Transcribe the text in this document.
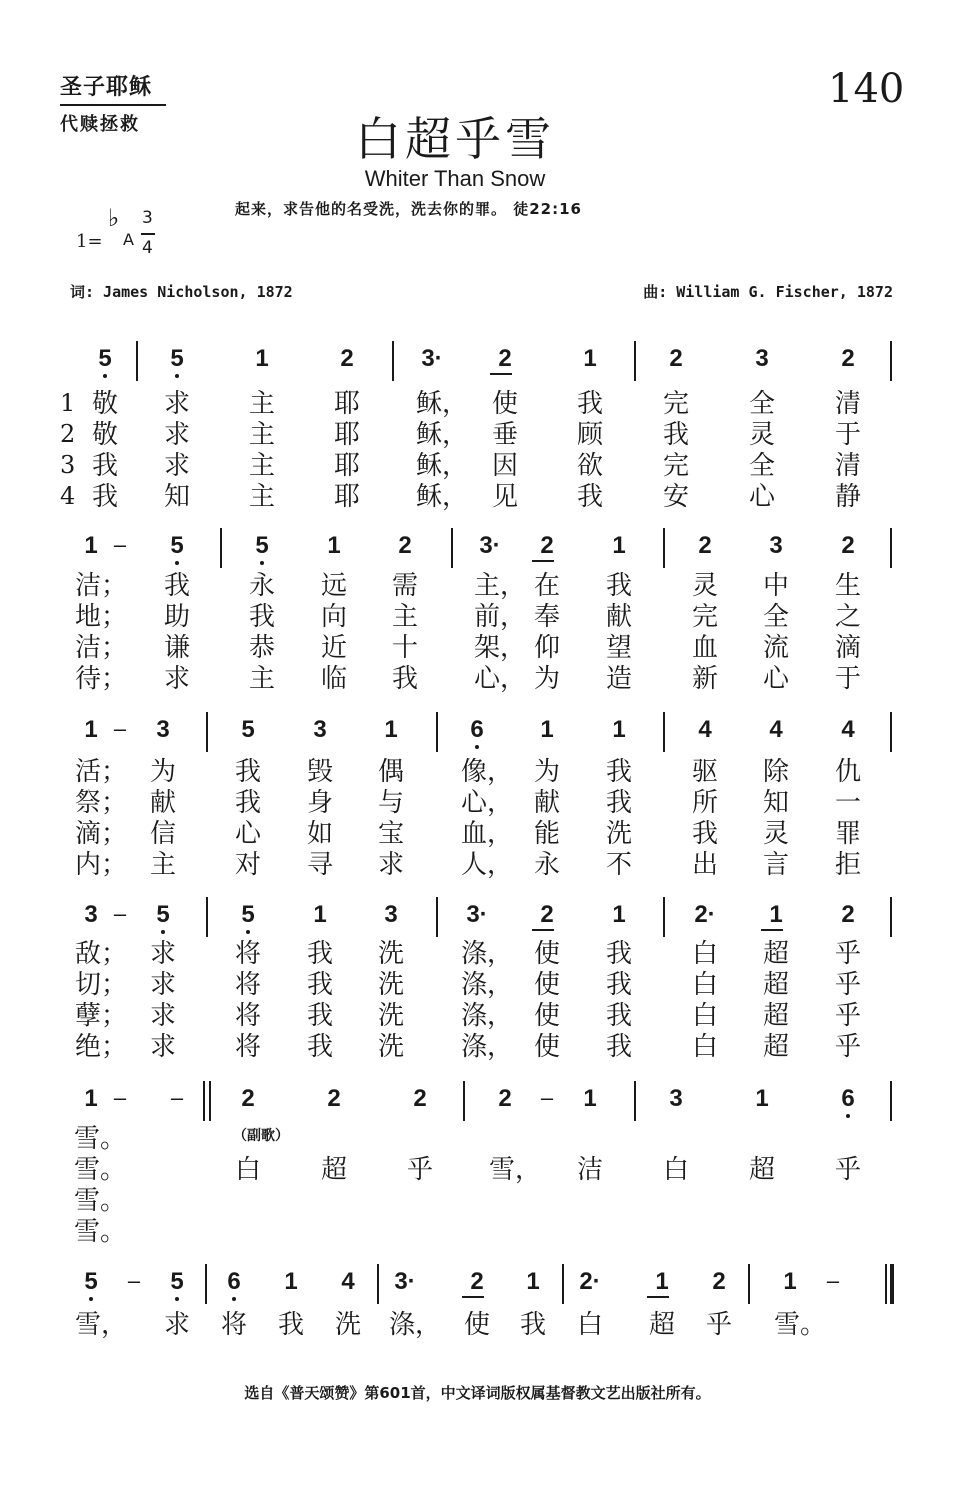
圣子耶稣
代赎拯救
140
白超乎雪
Whiter Than Snow
起来，求告他的名受洗，洗去你的罪。 徒22:16
1=
♭
A
3
4
词: James Nicholson, 1872	曲: William G. Fischer, 1872
5 5	1	2	3· 2	1	2	3	2
1
2
3
4
敬 求 主 耶 稣， 使 我 完 全 清
敬 求 主 耶 稣， 垂 顾 我 灵 于
我 求 主 耶 稣， 因 欲 完 全 清
我 知 主 耶 稣， 见 我 安 心 静
1 – 5	5 1 2	3· 2 1	2 3 2
洁； 我 永 远 需 主， 在 我 灵 中 生
地； 助 我 向 主 前， 奉 献 完 全 之
洁； 谦 恭 近 十 架， 仰 望 血 流 滴
待； 求 主 临 我 心， 为 造 新 心 于
1 – 3	5 3 1	6 1 1	4 4 4
活； 为 我 毁 偶 像， 为 我 驱 除 仇
祭； 献 我 身 与 心， 献 我 所 知 一
滴； 信 心 如 宝 血， 能 洗 我 灵 罪
内； 主 对 寻 求 人， 永 不 出 言 拒
3 – 5	5 1 3	3· 2 1	2· 1 2
敌； 求 将 我 洗 涤， 使 我 白 超 乎
切； 求 将 我 洗 涤， 使 我 白 超 乎
孽； 求 将 我 洗 涤， 使 我 白 超 乎
绝； 求 将 我 洗 涤， 使 我 白 超 乎
1 – – 2	2	2	2 – 1	3	1	6
（副歌）
雪。
雪。
雪。
雪。
白 超 乎 雪， 洁 白 超 乎
5 – 5 6 1 4 3· 2 1 2· 1 2 1 –
雪， 求 将 我 洗 涤， 使 我 白 超 乎 雪。
选自《普天颂赞》第601首，中文译词版权属基督教文艺出版社所有。
